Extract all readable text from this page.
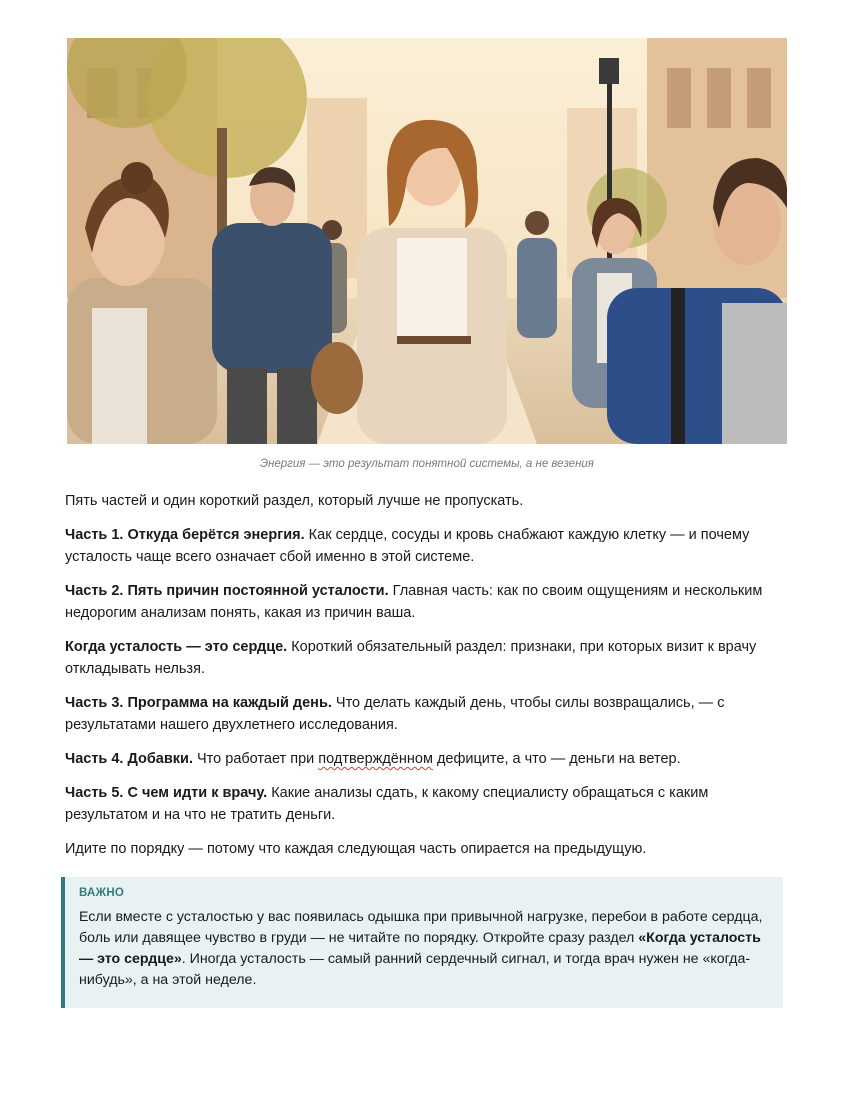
Энергия — это результат понятной системы, а не везения

Пять частей и один короткий раздел, который лучше не пропускать.

Часть 1. Откуда берётся энергия. Как сердце, сосуды и кровь снабжают каждую клетку — и почему усталость чаще всего означает сбой именно в этой системе.

Часть 2. Пять причин постоянной усталости. Главная часть: как по своим ощущениям и нескольким недорогим анализам понять, какая из причин ваша.

Когда усталость — это сердце. Короткий обязательный раздел: признаки, при которых визит к врачу откладывать нельзя.

Часть 3. Программа на каждый день. Что делать каждый день, чтобы силы возвращались, — с результатами нашего двухлетнего исследования.

Часть 4. Добавки. Что работает при подтверждённом дефиците, а что — деньги на ветер.

Часть 5. С чем идти к врачу. Какие анализы сдать, к какому специалисту обращаться с каким результатом и на что не тратить деньги.

Идите по порядку — потому что каждая следующая часть опирается на предыдущую.

ВАЖНО

Если вместе с усталостью у вас появилась одышка при привычной нагрузке, перебои в работе сердца, боль или давящее чувство в груди — не читайте по порядку. Откройте сразу раздел «Когда усталость — это сердце». Иногда усталость — самый ранний сердечный сигнал, и тогда врач нужен не «когда-нибудь», а на этой неделе.
